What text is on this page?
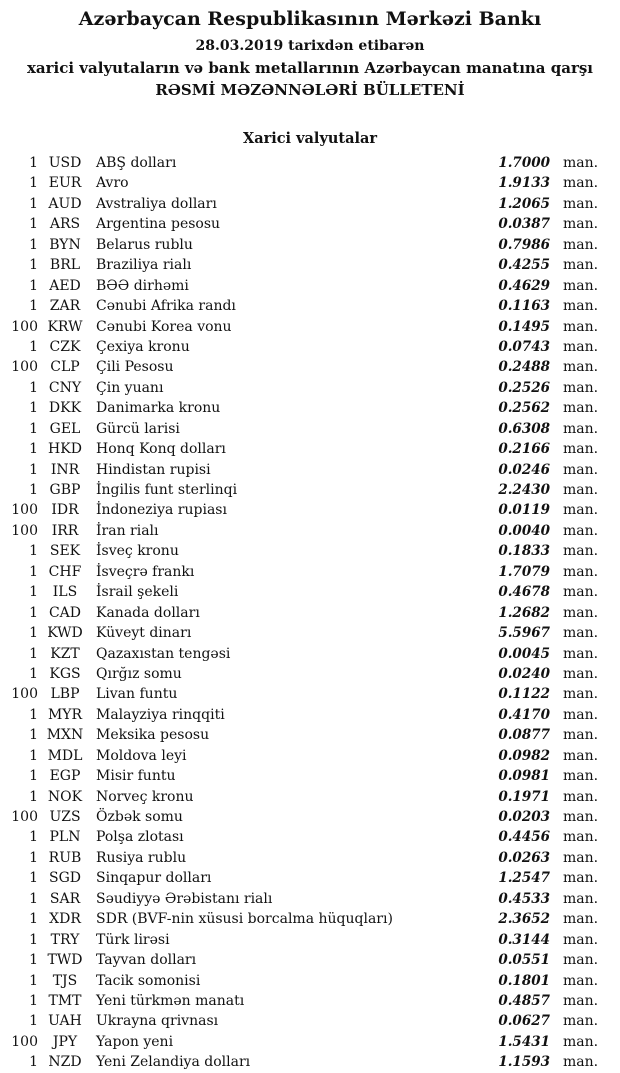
Azərbaycan Respublikasının Mərkəzi Bankı
28.03.2019 tarixdən etibarən
xarici valyutaların və bank metallarının Azərbaycan manatına qarşı
RƏSMİ MƏZƏNNƏLƏRİ BÜLLETENİ
Xarici valyutalar
1 USD	ABŞ dolları	1.7000 man.
1 EUR	Avro	1.9133 man.
1 AUD	Avstraliya dolları	1.2065 man.
1 ARS	Argentina pesosu	0.0387 man.
1 BYN	Belarus rublu	0.7986 man.
1 BRL	Braziliya rialı	0.4255 man.
1 AED	BƏƏ dirhəmi	0.4629 man.
1 ZAR	Cənubi Afrika randı	0.1163 man.
100 KRW Cənubi Korea vonu	0.1495 man.
1 CZK	Çexiya kronu	0.0743 man.
100 CLP	Çili Pesosu	0.2488 man.
1 CNY	Çin yuanı	0.2526 man.
1 DKK	Danimarka kronu	0.2562 man.
1 GEL	Gürcü larisi	0.6308 man.
1 HKD	Honq Konq dolları	0.2166 man.
1 INR	Hindistan rupisi	0.0246 man.
1 GBP	İngilis funt sterlinqi	2.2430 man.
100 IDR	İndoneziya rupiası	0.0119 man.
100 IRR	İran rialı	0.0040 man.
1 SEK	İsveç kronu	0.1833 man.
1 CHF	İsveçrə frankı	1.7079 man.
1	ILS	İsrail şekeli	0.4678 man.
1 CAD	Kanada dolları	1.2682 man.
1 KWD Küveyt dinarı	5.5967 man.
1 KZT	Qazaxıstan tengəsi	0.0045 man.
1 KGS	Qırğız somu	0.0240 man.
100 LBP	Livan funtu	0.1122 man.
1 MYR Malayziya rinqqiti	0.4170 man.
1 MXN Meksika pesosu	0.0877 man.
1 MDL Moldova leyi	0.0982 man.
1 EGP	Misir funtu	0.0981 man.
1 NOK Norveç kronu	0.1971 man.
100 UZS	Özbək somu	0.0203 man.
1 PLN	Polşa zlotası	0.4456 man.
1 RUB	Rusiya rublu	0.0263 man.
1 SGD	Sinqapur dolları	1.2547 man.
1 SAR	Səudiyyə Ərəbistanı rialı	0.4533 man.
1 XDR	SDR (BVF-nin xüsusi borcalma hüquqları)	2.3652 man.
1 TRY	Türk lirəsi	0.3144 man.
1 TWD Tayvan dolları	0.0551 man.
1	TJS	Tacik somonisi	0.1801 man.
1 TMT	Yeni türkmən manatı	0.4857 man.
1 UAH	Ukrayna qrivnası	0.0627 man.
100	JPY	Yapon yeni	1.5431 man.
1 NZD	Yeni Zelandiya dolları	1.1593 man.
